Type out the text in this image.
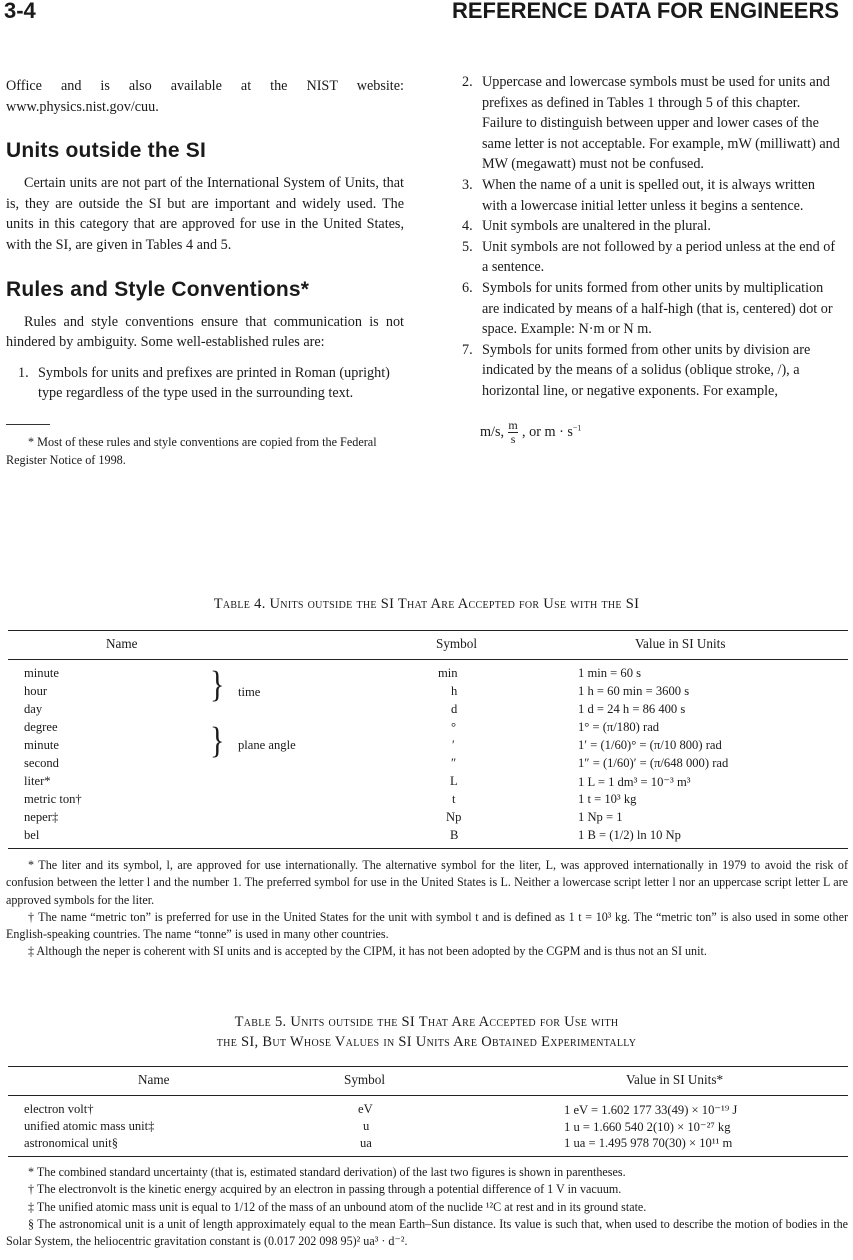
3-4	REFERENCE DATA FOR ENGINEERS

Office and is also available at the NIST website: www.physics.nist.gov/cuu.

Units outside the SI

Certain units are not part of the International System of Units, that is, they are outside the SI but are important and widely used. The units in this category that are approved for use in the United States, with the SI, are given in Tables 4 and 5.

Rules and Style Conventions*

Rules and style conventions ensure that communication is not hindered by ambiguity. Some well-established rules are:

1. Symbols for units and prefixes are printed in Roman (upright) type regardless of the type used in the surrounding text.
* Most of these rules and style conventions are copied from the Federal Register Notice of 1998.
2. Uppercase and lowercase symbols must be used for units and prefixes as defined in Tables 1 through 5 of this chapter. Failure to distinguish between upper and lower cases of the same letter is not acceptable. For example, mW (milliwatt) and MW (megawatt) must not be confused.
3. When the name of a unit is spelled out, it is always written with a lowercase initial letter unless it begins a sentence.
4. Unit symbols are unaltered in the plural.
5. Unit symbols are not followed by a period unless at the end of a sentence.
6. Symbols for units formed from other units by multiplication are indicated by means of a half-high (that is, centered) dot or space. Example: N·m or N m.
7. Symbols for units formed from other units by division are indicated by the means of a solidus (oblique stroke, /), a horizontal line, or negative exponents. For example,
m/s, $\frac{m}{s}$ , or $m \cdot s^{-1}$
Table 4. Units outside the SI That Are Accepted for Use with the SI
Name	Symbol	Value in SI Units
} time
} plane angle
minute	min	1 min = 60 s
hour	h	1 h = 60 min = 3600 s
day	d	1 d = 24 h = 86 400 s
degree	°	1° = (π/180) rad
minute	′	1′ = (1/60)° = (π/10 800) rad
second	″	1″ = (1/60)′ = (π/648 000) rad
liter*	L	1 L = 1 dm³ = 10⁻³ m³
metric ton†	t	1 t = 10³ kg
neper‡	Np	1 Np = 1
bel	B	1 B = (1/2) ln 10 Np
* The liter and its symbol, l, are approved for use internationally. The alternative symbol for the liter, L, was approved internationally in 1979 to avoid the risk of confusion between the letter l and the number 1. The preferred symbol for use in the United States is L. Neither a lowercase script letter l nor an uppercase script letter L are approved symbols for the liter.
† The name “metric ton” is preferred for use in the United States for the unit with symbol t and is defined as 1 t = 10³ kg. The “metric ton” is also used in some other English-speaking countries. The name “tonne” is used in many other countries.
‡ Although the neper is coherent with SI units and is accepted by the CIPM, it has not been adopted by the CGPM and is thus not an SI unit.
Table 5. Units outside the SI That Are Accepted for Use with
the SI, But Whose Values in SI Units Are Obtained Experimentally
Name	Symbol	Value in SI Units*
electron volt†	eV	1 eV = 1.602 177 33(49) × 10⁻¹⁹ J
unified atomic mass unit‡	u	1 u = 1.660 540 2(10) × 10⁻²⁷ kg
astronomical unit§	ua	1 ua = 1.495 978 70(30) × 10¹¹ m
* The combined standard uncertainty (that is, estimated standard derivation) of the last two figures is shown in parentheses.
† The electronvolt is the kinetic energy acquired by an electron in passing through a potential difference of 1 V in vacuum.
‡ The unified atomic mass unit is equal to 1/12 of the mass of an unbound atom of the nuclide ¹²C at rest and in its ground state.
§ The astronomical unit is a unit of length approximately equal to the mean Earth–Sun distance. Its value is such that, when used to describe the motion of bodies in the Solar System, the heliocentric gravitation constant is (0.017 202 098 95)² ua³ · d⁻².
